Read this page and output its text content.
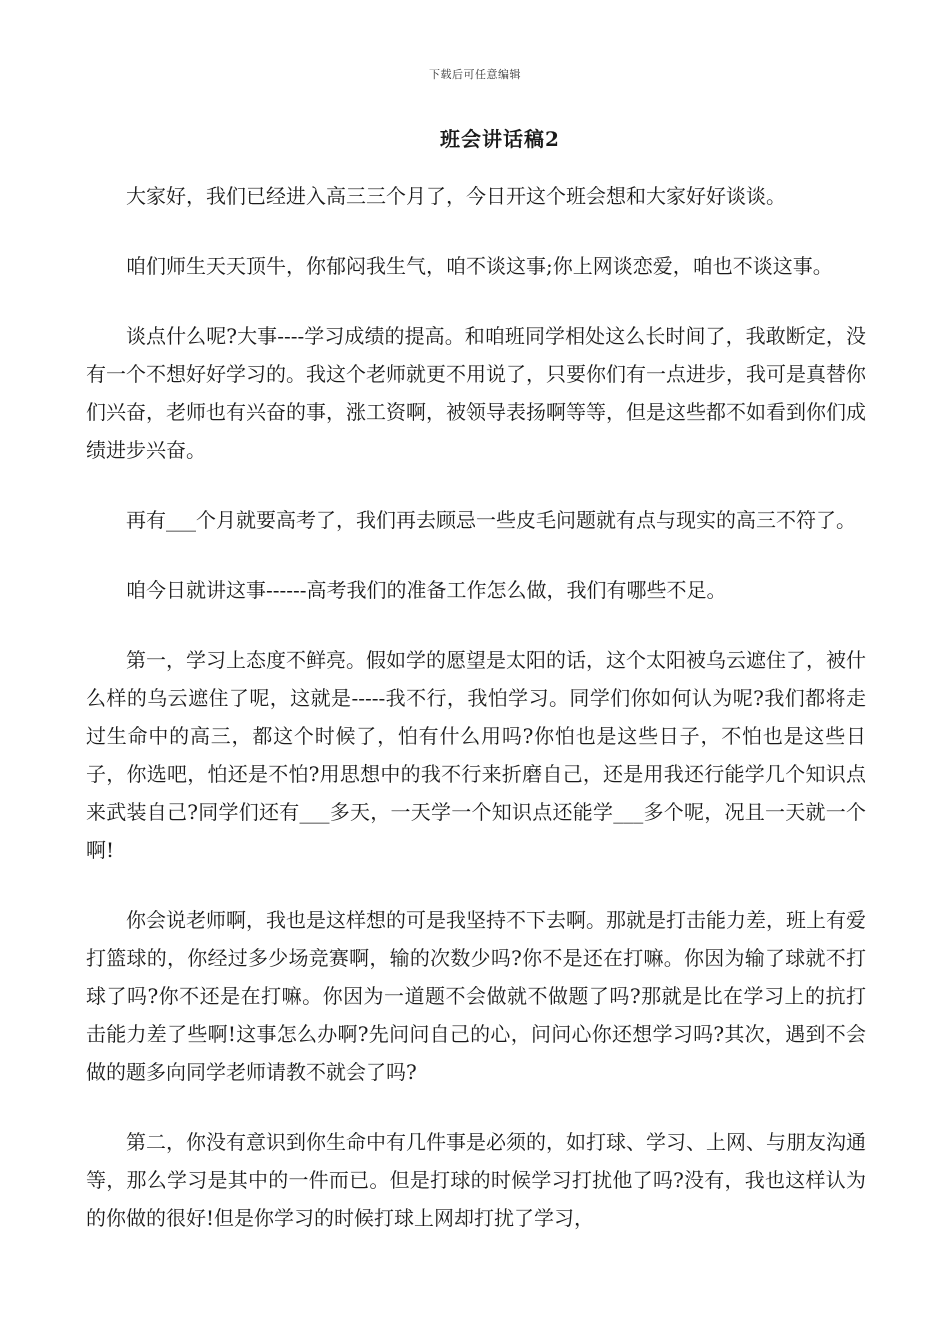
下载后可任意编辑
班会讲话稿2

大家好，我们已经进入高三三个月了，今日开这个班会想和大家好好谈谈。

咱们师生天天顶牛，你郁闷我生气，咱不谈这事;你上网谈恋爱，咱也不谈这事。

谈点什么呢?大事----学习成绩的提高。和咱班同学相处这么长时间了，我敢断定，没有一个不想好好学习的。我这个老师就更不用说了，只要你们有一点进步，我可是真替你们兴奋，老师也有兴奋的事，涨工资啊，被领导表扬啊等等，但是这些都不如看到你们成绩进步兴奋。

再有___个月就要高考了，我们再去顾忌一些皮毛问题就有点与现实的高三不符了。

咱今日就讲这事------高考我们的准备工作怎么做，我们有哪些不足。

第一，学习上态度不鲜亮。假如学的愿望是太阳的话，这个太阳被乌云遮住了，被什么样的乌云遮住了呢，这就是-----我不行，我怕学习。同学们你如何认为呢?我们都将走过生命中的高三，都这个时候了，怕有什么用吗?你怕也是这些日子，不怕也是这些日子，你选吧，怕还是不怕?用思想中的我不行来折磨自己，还是用我还行能学几个知识点来武装自己?同学们还有___多天，一天学一个知识点还能学___多个呢，况且一天就一个啊!

你会说老师啊，我也是这样想的可是我坚持不下去啊。那就是打击能力差，班上有爱打篮球的，你经过多少场竞赛啊，输的次数少吗?你不是还在打嘛。你因为输了球就不打球了吗?你不还是在打嘛。你因为一道题不会做就不做题了吗?那就是比在学习上的抗打击能力差了些啊!这事怎么办啊?先问问自己的心，问问心你还想学习吗?其次，遇到不会做的题多向同学老师请教不就会了吗?

第二，你没有意识到你生命中有几件事是必须的，如打球、学习、上网、与朋友沟通等，那么学习是其中的一件而已。但是打球的时候学习打扰他了吗?没有，我也这样认为的你做的很好!但是你学习的时候打球上网却打扰了学习，
